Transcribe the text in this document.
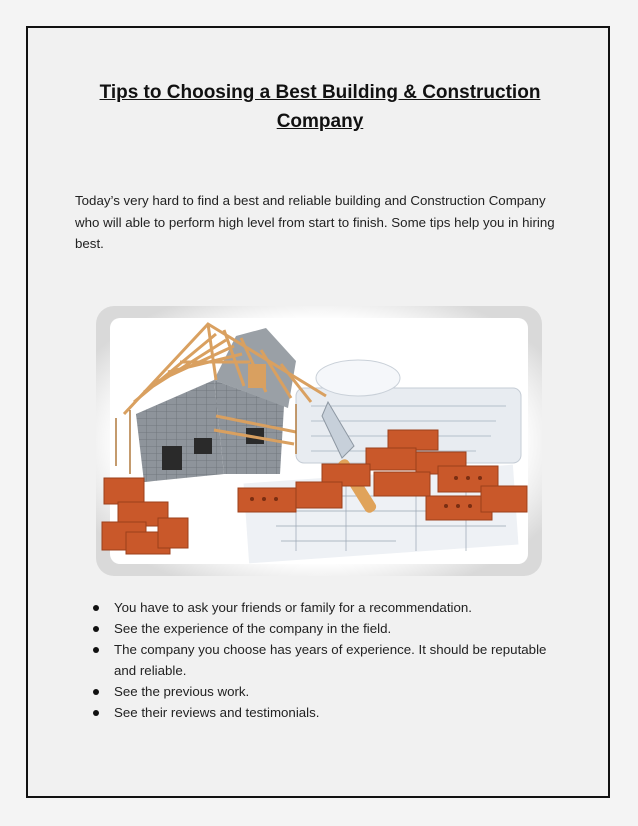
Tips to Choosing a Best Building & Construction Company
Today’s very hard to find a best and reliable building and Construction Company who will able to perform high level from start to finish. Some tips help you in hiring best.
You have to ask your friends or family for a recommendation.
See the experience of the company in the field.
The company you choose has years of experience. It should be reputable and reliable.
See the previous work.
See their reviews and testimonials.
